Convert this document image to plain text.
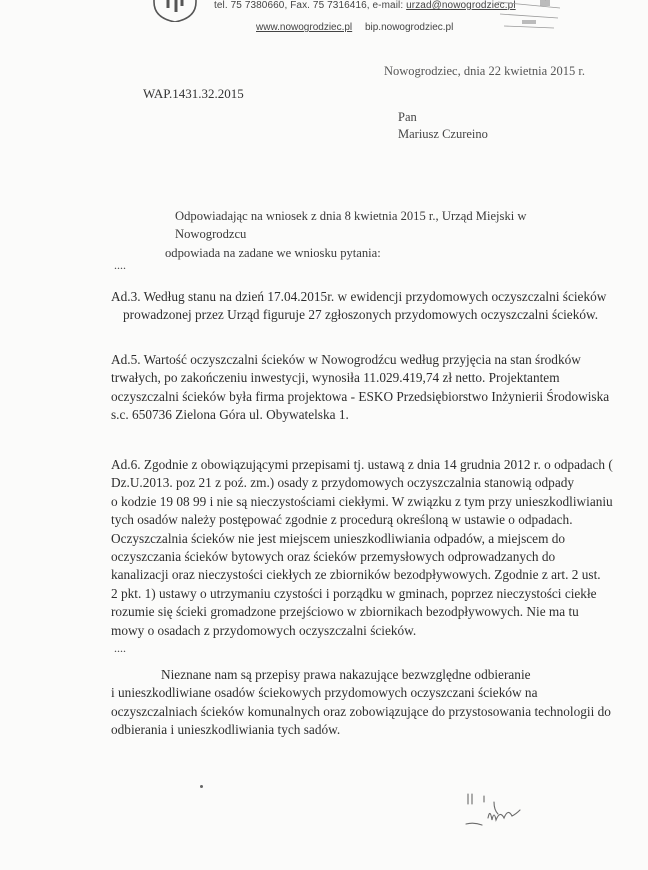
tel. 75 7380660, Fax. 75 7316416, e-mail: urzad@nowogrodziec.pl
www.nowogrodziec.pl bip.nowogrodziec.pl
Nowogrodziec, dnia 22 kwietnia 2015 r.
WAP.1431.32.2015
Pan
Mariusz Czureino
Odpowiadając na wniosek z dnia 8 kwietnia 2015 r., Urząd Miejski w Nowogrodzcu
odpowiada na zadane we wniosku pytania:
....
Ad.3. Według stanu na dzień 17.04.2015r. w ewidencji przydomowych oczyszczalni ścieków
prowadzonej przez Urząd figuruje 27 zgłoszonych przydomowych oczyszczalni ścieków.
Ad.5. Wartość oczyszczalni ścieków w Nowogrodźcu według przyjęcia na stan środków
trwałych, po zakończeniu inwestycji, wynosiła 11.029.419,74 zł netto. Projektantem
oczyszczalni ścieków była firma projektowa - ESKO Przedsiębiorstwo Inżynierii Środowiska
s.c. 650736 Zielona Góra ul. Obywatelska 1.
Ad.6. Zgodnie z obowiązującymi przepisami tj. ustawą z dnia 14 grudnia 2012 r. o odpadach (
Dz.U.2013. poz 21 z poź. zm.) osady z przydomowych oczyszczalnia stanowią odpady
o kodzie 19 08 99 i nie są nieczystościami ciekłymi. W związku z tym przy unieszkodliwianiu
tych osadów należy postępować zgodnie z procedurą określoną w ustawie o odpadach.
Oczyszczalnia ścieków nie jest miejscem unieszkodliwiania odpadów, a miejscem do
oczyszczania ścieków bytowych oraz ścieków przemysłowych odprowadzanych do
kanalizacji oraz nieczystości ciekłych ze zbiorników bezodpływowych. Zgodnie z art. 2 ust.
2 pkt. 1) ustawy o utrzymaniu czystości i porządku w gminach, poprzez nieczystości ciekłe
rozumie się ścieki gromadzone przejściowo w zbiornikach bezodpływowych. Nie ma tu
mowy o osadach z przydomowych oczyszczalni ścieków.
....
Nieznane nam są przepisy prawa nakazujące bezwzględne odbieranie
i unieszkodliwiane osadów ściekowych przydomowych oczyszczani ścieków na
oczyszczalniach ścieków komunalnych oraz zobowiązujące do przystosowania technologii do
odbierania i unieszkodliwiania tych sadów.
